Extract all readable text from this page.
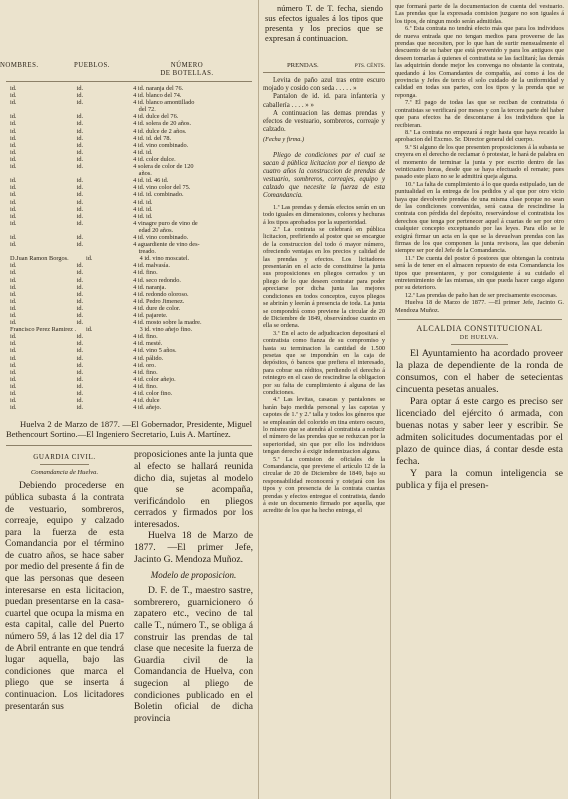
NOMBRES.	PUEBLOS.	NÚMERO
DE BOTELLAS.
id.	id.	4 id. naranja del 76.
id.	id.	4 id. blanco del 74.
id.	id.	4 id. blanco amontillado
del 72.
id.	id.	4 id. dulce del 76.
id.	id.	4 id. solera de 20 años.
id.	id.	4 id. dulce de 2 años.
id.	id.	4 id. id. del 78.
id.	id.	4 id. vino combinado.
id.	id.	4 id. id.
id.	id.	4 id. color dulce.
id.	id.	4 solera de color de 120
años.
id.	id.	4 id. id. 46 id.
id.	id.	4 id. vino color del 75.
id.	id.	4 id. id. combinado.
id.	id.	4 id. id.
id.	id.	4 id. id.
id.	id.	4 id. id.
id.	id.	4 vinagre puro de vino de
edad 20 años.
id.	id.	4 id. vino combinado.
id.	id.	4 aguardiente de vino des-
treado.
D.Juan Ramon Borgos.	id.	4 id. vino moscatel.
id.	id.	4 id. malvasía.
id.	id.	4 id. fino.
id.	id.	4 id. seco redondo.
id.	id.	4 id. naranja.
id.	id.	4 id. redondo oloroso.
id.	id.	4 id. Pedro Jimenez.
id.	id.	4 id. dure de color.
id.	id.	4 id. pajarete.
id.	id.	4 id. mosto sobre la madre.
Francisco Perez Ramirez .	id.	3 id. vino añejo fino.
id.	id.	4 id. fino.
id.	id.	4 id. mesté.
id.	id.	4 id. vino 5 años.
id.	id.	4 id. pálido.
id.	id.	4 id. oro.
id.	id.	4 id. fino.
id.	id.	4 id. color añejo.
id.	id.	4 id. fino.
id.	id.	4 id. color fino.
id.	id.	4 id. dulce
id.	id.	4 id. añejo.
Huelva 2 de Marzo de 1877. —El Gobernador, Presidente, Miguel Bethencourt Sortino.—El Ingeniero Secretario, Luis A. Martínez.
GUARDIA CIVIL.
Comandancia de Huelva.
Debiendo procederse en pública subasta á la contrata de vestuario, sombreros, correaje, equipo y calzado para la fuerza de esta Comandancia por el término de cuatro años, se hace saber por medio del presente á fin de que las personas que deseen interesarse en esta licitacion, puedan presentarse en la casa-cuartel que ocupa la misma en esta capital, calle del Puerto número 59, á las 12 del dia 17 de Abril entrante en que tendrá lugar aquella, bajo las condiciones que marca el pliego que se inserta á continuacion. Los licitadores presentarán sus
proposiciones ante la junta que al efecto se hallará reunida dicho dia, sujetas al modelo que se acompaña, verificándolo en pliegos cerrados y firmados por los interesados.
Huelva 18 de Marzo de 1877. —El primer Jefe, Jacinto G. Mendoza Muñoz.
Modelo de proposicion.
D. F. de T., maestro sastre, sombrerero, guarnicionero ó zapatero etc., vecino de tal calle T., número T., se obliga á construir las prendas de tal clase que necesite la fuerza de Guardia civil de la Comandancia de Huelva, con sugecion al pliego de condiciones publicado en el Boletin oficial de dicha provincia
número T. de T. fecha, siendo sus efectos iguales á los tipos que presenta y los precios que se expresan á continuacion.
PRENDAS.	PTS. CÉNTS.
Levita de paño azul tras entre escuro mojado y cosido con seda . . . . . »
Pantalon de id. id. para infantería y caballería . . . . » »
A continuacion las demas prendas y efectos de vestuario, sombreros, correaje y calzado.
(Fecha y firma.)
Pliego de condiciones por el cual se sacan á pública licitacion por el tiempo de cuatro años la construccion de prendas de vestuario, sombreros, correajes, equipo y calzado que necesite la fuerza de esta Comandancia.
1.ª Las prendas y demás efectos serán en un todo iguales en dimensiones, colores y hechuras á los tipos aprobados por la superioridad.
2.ª La contrata se celebrará en pública licitacion, prefiriendo al postor que se encargue de la construccion del todo ó mayor número, ofreciendo ventajas en los precios y calidad de las prendas y efectos. Los licitadores presentarán en el acto de constituirse la junta sus proposiciones en pliegos cerrados y un pliego de lo que deseen contratar para poder apreciarse por dicha junta las mejores condiciones en todos conceptos, cuyos pliegos se abrirán y leerán á presencia de toda. La junta se compondrá como previene la circular de 20 de Diciembre de 1849, observándose cuanto en ella se ordena.
3.ª En el acto de adjudicacion depositará el contratista como fianza de su compromiso y hasta su terminacion la cantidad de 1.500 pesetas que se impondrán en la caja de depósitos, ó bancos que prefiera el interesado, para cobrar sus réditos, perdiendo el derecho á reintegro en el caso de rescindirse la obligacion por su falta de cumplimiento á alguna de las condiciones.
4.ª Las levitas, casacas y pantalones se harán bajo medida personal y las capotas y capotes de 1.ª y 2.ª talla y todos los géneros que se emplearán del colorido en tina entero oscuro, lo mismo que se atendrá al contratista a reducir el número de las prendas que se reduzcan por la superioridad, sin que por ello los individuos tengan derecho á exigir indemnizacion alguna.
5.ª La comision de oficiales de la Comandancia, que previene el artículo 12 de la circular de 20 de Diciembre de 1849, bajo su responsabilidad reconocerá y cotejará con los tipos y con presencia de la contrata cuantas prendas y efectos entregue el contratista, dando á este un documento firmado por aquella, que acredite de los que ha hecho entrega, el
que formará parte de la documentacion de cuenta del vestuario. Las prendas que la expresada comision juzgare no son iguales á los tipos, de ningun modo serán admitidas.
6.ª Esta contrata no tendrá efecto más que para los individuos de nueva entrada que no tengan medios para proveerse de las prendas que necesiten, por lo que han de surtir mensualmente el descuento de su haber que está prevenido y para los antiguos que deseen tomarlas á quienes el contratista se las facilitará; las demás las adquirirán donde mejor les convenga no obstante la contrata, quedando á los Comandantes de compañía, así como á los de provincia y Jefes de tercio el solo cuidado de la uniformidad y calidad en todas sus partes, con los tipos y la prenda que se reponga.
7.ª El pago de todas las que se reciban de contratista ó contratistas se verificará por meses y con la tercera parte del haber que para efectos ha de descontarse á los individuos que la recibieran.
8.ª La contrata no empezará á regir hasta que haya recaido la aprobacion del Excmo. Sr. Director general del cuerpo.
9.ª Si alguno de los que presenten proposiciones á la subasta se creyera en el derecho de reclamar ó protestar, le hará de palabra en el momento de terminar la junta y por escrito dentro de las veinticuatro horas, desde que se haya efectuado el remate; pues pasado este plazo no se le admitirá queja alguna.
10.ª La falta de cumplimiento á lo que queda estipulado, tan de puntualidad en la entrega de los pedidos y al que por otro vicio haya que devolverle prendas de una misma clase porque no sean de las condiciones convenidas, será causa de rescindirse la contrata con pérdida del depósito, reservándose el contratista los derechos que tenga por pertenecer aquel á cuartas de ser por otro cualquier concepto exceptuando por las leyes. Para ello se le exigirá firmar un acta en la que se la devuelvan prendas con las firmas de los que componen la junta revisora, las que deberán siempre ser por del Jefe de la Comandancia.
11.ª De cuenta del postor ó postores que obtengan la contrata será la de tener en el almacen repuesto de esta Comandancia los tipos que presentaren, y por consiguiente á su cuidado el entretenimiento de las mismas, sin que pueda hacer cargo alguno por su deterioro.
12.ª Las prendas de paño han de ser precisamente escocesas.
Huelva 18 de Marzo de 1877. —El primer Jefe, Jacinto G. Mendoza Muñoz.
ALCALDIA CONSTITUCIONAL
DE HUELVA.
El Ayuntamiento ha acordado proveer la plaza de dependiente de la ronda de consumos, con el haber de setecientas cincuenta pesetas anuales.
Para optar á este cargo es preciso ser licenciado del ejército ó armada, con buenas notas y saber leer y escribir. Se admiten solicitudes documentadas por el plazo de quince dias, á contar desde esta fecha.
Y para la comun inteligencia se publica y fija el presen-
